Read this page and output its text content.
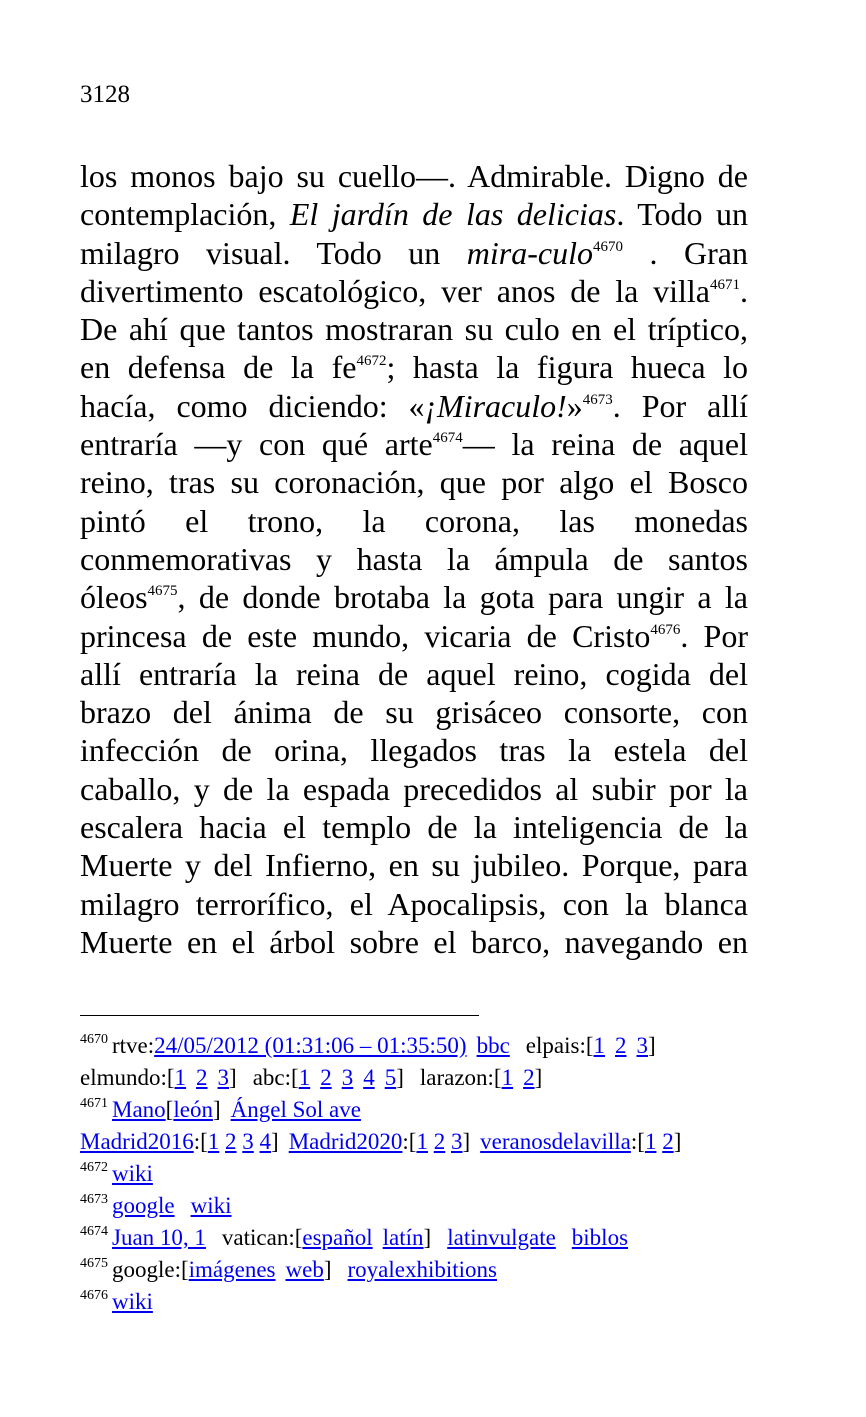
3128
los monos bajo su cuello―. Admirable. Digno de
contemplación, El jardín de las delicias. Todo un
milagro visual. Todo un mira-culo$^{4670}$ . Gran
divertimento escatológico, ver anos de la villa$^{4671}$.
De ahí que tantos mostraran su culo en el tríptico,
en defensa de la $fe^{4672}$; hasta la figura hueca lo
hacía, como diciendo: «¡Miraculo!»$^{4673}$. Por allí
entraría ―y con qué arte$^{4674}$― la reina de aquel
reino, tras su coronación, que por algo el Bosco
pintó el trono, la corona, las monedas
conmemorativas y hasta la ámpula de santos
óleos$^{4675}$, de donde brotaba la gota para ungir a la
princesa de este mundo, vicaria de Cristo$^{4676}$. Por
allí entraría la reina de aquel reino, cogida del
brazo del ánima de su grisáceo consorte, con
infección de orina, llegados tras la estela del
caballo, y de la espada precedidos al subir por la
escalera hacia el templo de la inteligencia de la
Muerte y del Infierno, en su jubileo. Porque, para
milagro terrorífico, el Apocalipsis, con la blanca
Muerte en el árbol sobre el barco, navegando en
$^{4670}$ rtve:24/05/2012 (01:31:06 – 01:35:50) bbc elpais:[1 2 3]
elmundo:[1 2 3] abc:[1 2 3 4 5] larazon:[1 2]
$^{4671}$ Mano[león] Ángel Sol ave
Madrid2016:[1 2 3 4] Madrid2020:[1 2 3] veranosdelavilla:[1 2]
$^{4672}$ wiki
$^{4673}$ google wiki
$^{4674}$ Juan 10, 1 vatican:[español latín] latinvulgate biblos
$^{4675}$ google:[imágenes web] royalexhibitions
$^{4676}$ wiki
